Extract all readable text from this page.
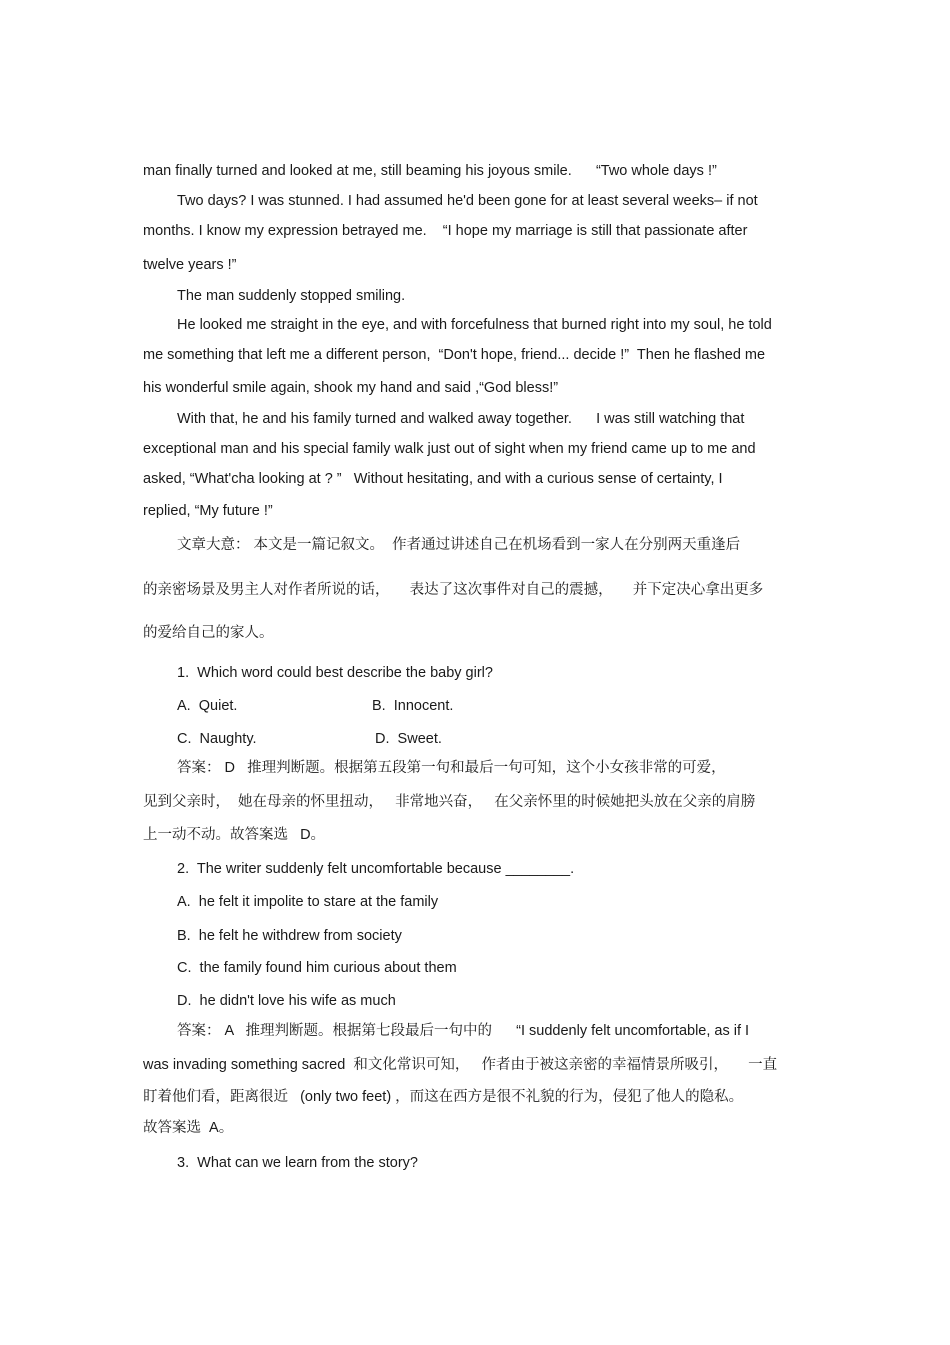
man finally turned and looked at me, still beaming his joyous smile.      “Two whole days !”
Two days? I was stunned. I had assumed he'd been gone for at least several weeks– if not
months. I know my expression betrayed me.    “I hope my marriage is still that passionate after
twelve years !”
The man suddenly stopped smiling.
He looked me straight in the eye, and with forcefulness that burned right into my soul, he told
me something that left me a different person,  “Don't hope, friend... decide !”  Then he flashed me
his wonderful smile again, shook my hand and said ,“God bless!”
With that, he and his family turned and walked away together.      I was still watching that
exceptional man and his special family walk just out of sight when my friend came up to me and
asked, “What'cha looking at ? ”   Without hesitating, and with a curious sense of certainty, I
replied, “My future !”
文章大意： 本文是一篇记叙文。  作者通过讲述自己在机场看到一家人在分别两天重逢后
的亲密场景及男主人对作者所说的话，     表达了这次事件对自己的震撼，     并下定决心拿出更多
的爱给自己的家人。
1.  Which word could best describe the baby girl?
A.  Quiet.	B.  Innocent.
C.  Naughty.	D.  Sweet.
答案： D   推理判断题。根据第五段第一句和最后一句可知，这个小女孩非常的可爱，
见到父亲时，  她在母亲的怀里扭动，   非常地兴奋，   在父亲怀里的时候她把头放在父亲的肩膀
上一动不动。故答案选   D。
2.  The writer suddenly felt uncomfortable because ________.
A.  he felt it impolite to stare at the family
B.  he felt he withdrew from society
C.  the family found him curious about them
D.  he didn't love his wife as much
答案： A   推理判断题。根据第七段最后一句中的      “I suddenly felt uncomfortable, as if I
was invading something sacred  和文化常识可知，   作者由于被这亲密的幸福情景所吸引，     一直
盯着他们看，距离很近   (only two feet) ，而这在西方是很不礼貌的行为，侵犯了他人的隐私。
故答案选  A。
3.  What can we learn from the story?
